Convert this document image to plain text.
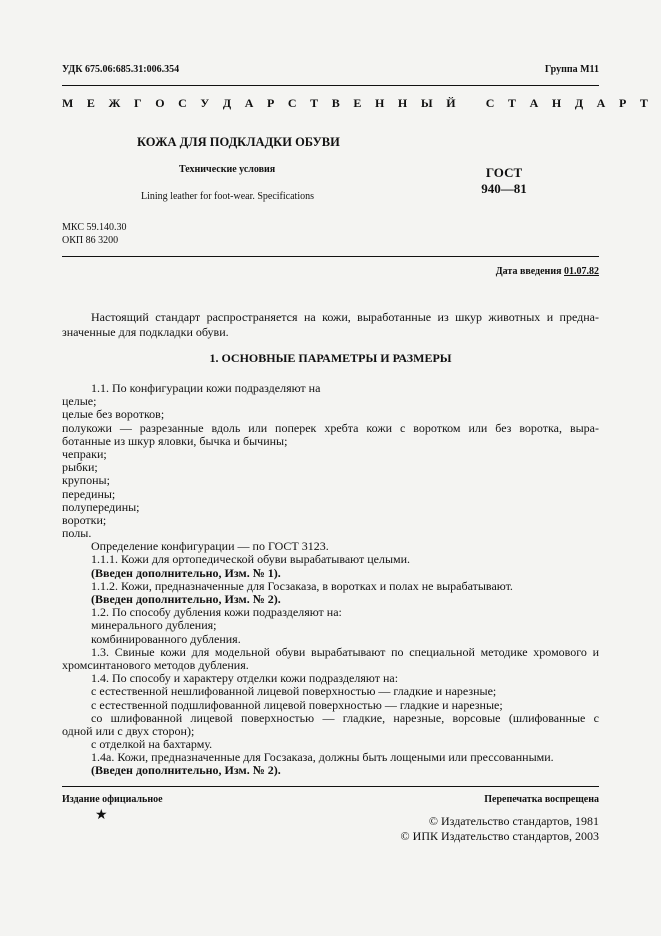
УДК 675.06:685.31:006.354	Группа М11
М Е Ж Г О С У Д А Р С Т В Е Н Н Ы Й   С Т А Н Д А Р Т
КОЖА ДЛЯ ПОДКЛАДКИ ОБУВИ
Технические условия
Lining leather for foot-wear. Specifications
ГОСТ
940—81
МКС 59.140.30
ОКП 86 3200
Дата введения 01.07.82
Настоящий стандарт распространяется на кожи, выработанные из шкур животных и предна-
значенные для подкладки обуви.
1. ОСНОВНЫЕ ПАРАМЕТРЫ И РАЗМЕРЫ
1.1. По конфигурации кожи подразделяют на
целые;
целые без воротков;
полукожи — разрезанные вдоль или поперек хребта кожи с воротком или без воротка, выра-
ботанные из шкур яловки, бычка и бычины;
чепраки;
рыбки;
крупоны;
передины;
полупередины;
воротки;
полы.
Определение конфигурации — по ГОСТ 3123.
1.1.1. Кожи для ортопедической обуви вырабатывают целыми.
(Введен дополнительно, Изм. № 1).
1.1.2. Кожи, предназначенные для Госзаказа, в воротках и полах не вырабатывают.
(Введен дополнительно, Изм. № 2).
1.2. По способу дубления кожи подразделяют на:
минерального дубления;
комбинированного дубления.
1.3. Свиные кожи для модельной обуви вырабатывают по специальной методике хромового и
хромсинтанового методов дубления.
1.4. По способу и характеру отделки кожи подразделяют на:
с естественной нешлифованной лицевой поверхностью — гладкие и нарезные;
с естественной подшлифованной лицевой поверхностью — гладкие и нарезные;
со шлифованной лицевой поверхностью — гладкие, нарезные, ворсовые (шлифованные с
одной или с двух сторон);
с отделкой на бахтарму.
1.4а. Кожи, предназначенные для Госзаказа, должны быть лощеными или прессованными.
(Введен дополнительно, Изм. № 2).
Издание официальное	Перепечатка воспрещена
★	© Издательство стандартов, 1981
© ИПК Издательство стандартов, 2003
